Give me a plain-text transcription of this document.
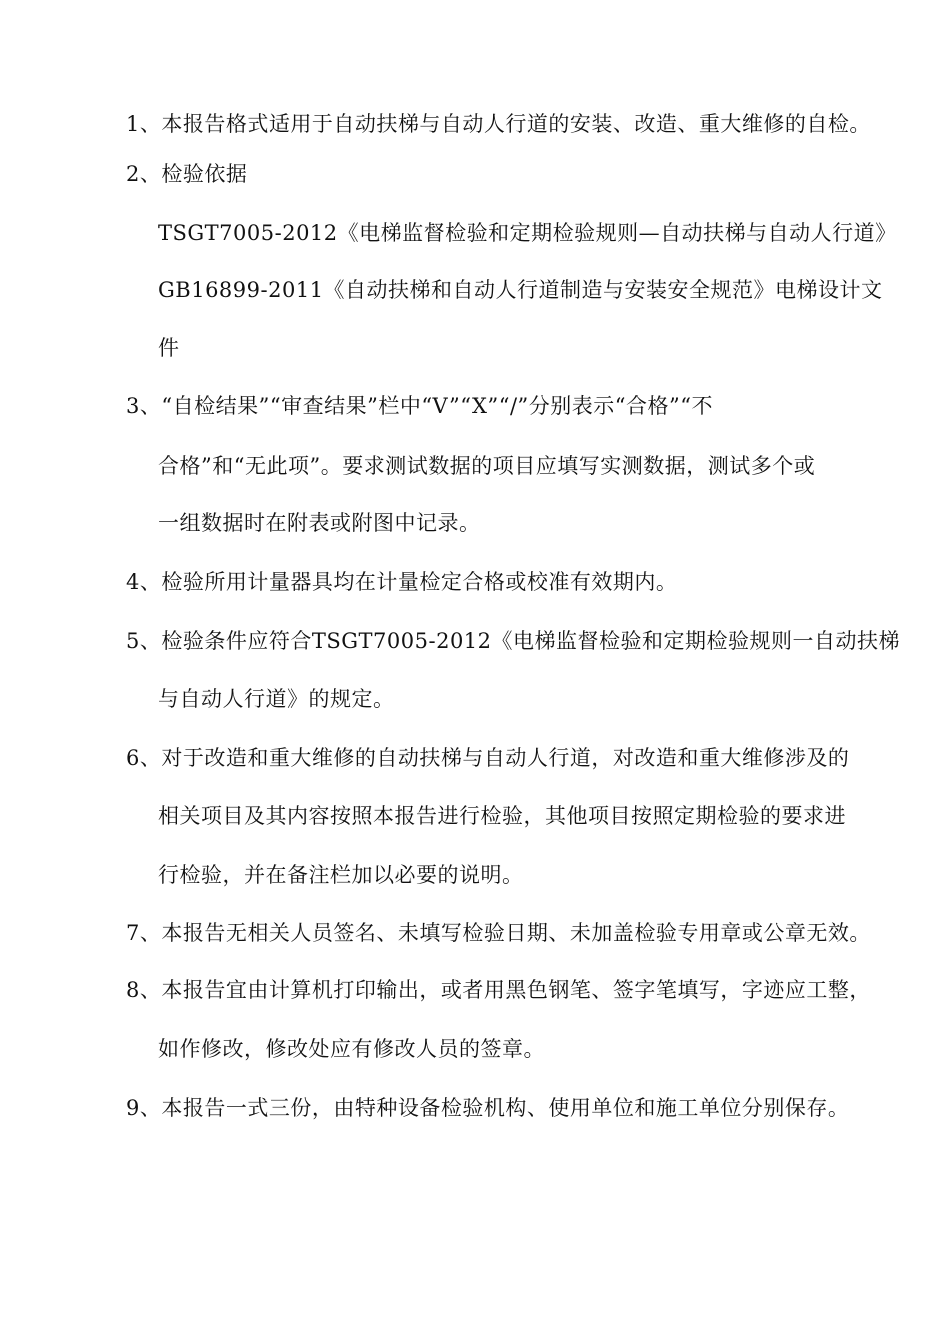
1、本报告格式适用于自动扶梯与自动人行道的安装、改造、重大维修的自检。
2、检验依据
TSGT7005-2012《电梯监督检验和定期检验规则—自动扶梯与自动人行道》
GB16899-2011《自动扶梯和自动人行道制造与安装安全规范》电梯设计文
件
3、“自检结果”“审查结果”栏中“V”“X”“/”分别表示“合格”“不
合格”和“无此项”。要求测试数据的项目应填写实测数据，测试多个或
一组数据时在附表或附图中记录。
4、检验所用计量器具均在计量检定合格或校准有效期内。
5、检验条件应符合TSGT7005-2012《电梯监督检验和定期检验规则一自动扶梯
与自动人行道》的规定。
6、对于改造和重大维修的自动扶梯与自动人行道，对改造和重大维修涉及的
相关项目及其内容按照本报告进行检验，其他项目按照定期检验的要求进
行检验，并在备注栏加以必要的说明。
7、本报告无相关人员签名、未填写检验日期、未加盖检验专用章或公章无效。
8、本报告宜由计算机打印输出，或者用黑色钢笔、签字笔填写，字迹应工整，
如作修改，修改处应有修改人员的签章。
9、本报告一式三份，由特种设备检验机构、使用单位和施工单位分别保存。
